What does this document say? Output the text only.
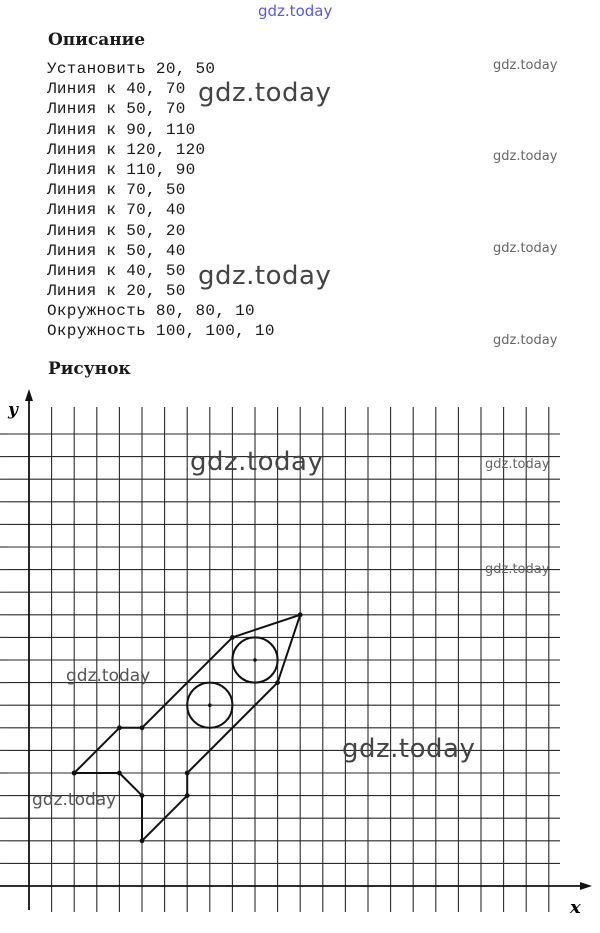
gdz.today
gdz.today
gdz.today
gdz.today
gdz.today
Описание
Установить 20, 50
Линия к 40, 70
Линия к 50, 70
Линия к 90, 110
Линия к 120, 120
Линия к 110, 90
Линия к 70, 50
Линия к 70, 40
Линия к 50, 20
Линия к 50, 40
Линия к 40, 50
Линия к 20, 50
Окружность 80, 80, 10
Окружность 100, 100, 10
gdz.today
gdz.today
Рисунок
y
x
gdz.today	gdz.today
gdz.today
gdz.today
gdz.today
gdz.today
